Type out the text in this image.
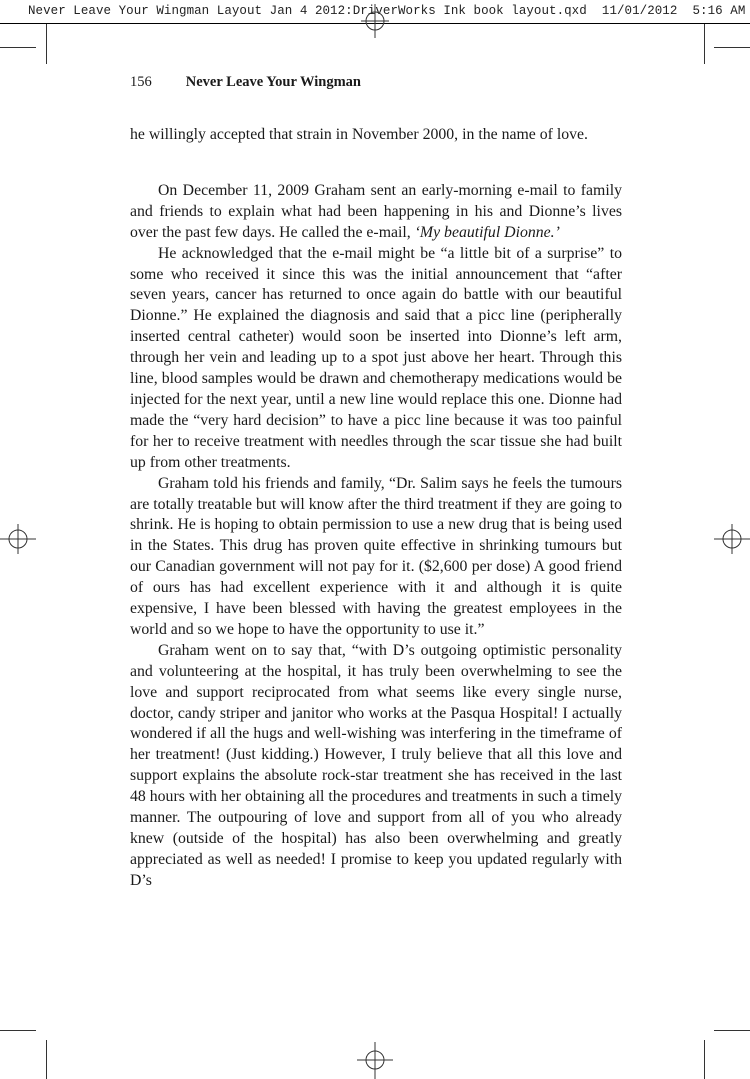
Never Leave Your Wingman Layout Jan 4 2012:DriverWorks Ink book layout.qxd  11/01/2012  5:16 AM
156 Never Leave Your Wingman

he willingly accepted that strain in November 2000, in the name of love.

On December 11, 2009 Graham sent an early-morning e-mail to family and friends to explain what had been happening in his and Dionne’s lives over the past few days. He called the e-mail, ‘My beautiful Dionne.’

He acknowledged that the e-mail might be “a little bit of a surprise” to some who received it since this was the initial announcement that “after seven years, cancer has returned to once again do battle with our beautiful Dionne.” He explained the diagnosis and said that a picc line (peripherally inserted central catheter) would soon be inserted into Dionne’s left arm, through her vein and leading up to a spot just above her heart. Through this line, blood samples would be drawn and chemotherapy medications would be injected for the next year, until a new line would replace this one. Dionne had made the “very hard decision” to have a picc line because it was too painful for her to receive treatment with needles through the scar tissue she had built up from other treatments.

Graham told his friends and family, “Dr. Salim says he feels the tumours are totally treatable but will know after the third treatment if they are going to shrink. He is hoping to obtain permission to use a new drug that is being used in the States. This drug has proven quite effective in shrinking tumours but our Canadian government will not pay for it. ($2,600 per dose) A good friend of ours has had excellent experience with it and although it is quite expensive, I have been blessed with having the greatest employees in the world and so we hope to have the opportunity to use it.”

Graham went on to say that, “with D’s outgoing optimistic personality and volunteering at the hospital, it has truly been overwhelming to see the love and support reciprocated from what seems like every single nurse, doctor, candy striper and janitor who works at the Pasqua Hospital! I actually wondered if all the hugs and well-wishing was interfering in the timeframe of her treatment! (Just kidding.) However, I truly believe that all this love and support explains the absolute rock-star treatment she has received in the last 48 hours with her obtaining all the procedures and treatments in such a timely manner. The outpouring of love and support from all of you who already knew (outside of the hospital) has also been overwhelming and greatly appreciated as well as needed! I promise to keep you updated regularly with D’s
